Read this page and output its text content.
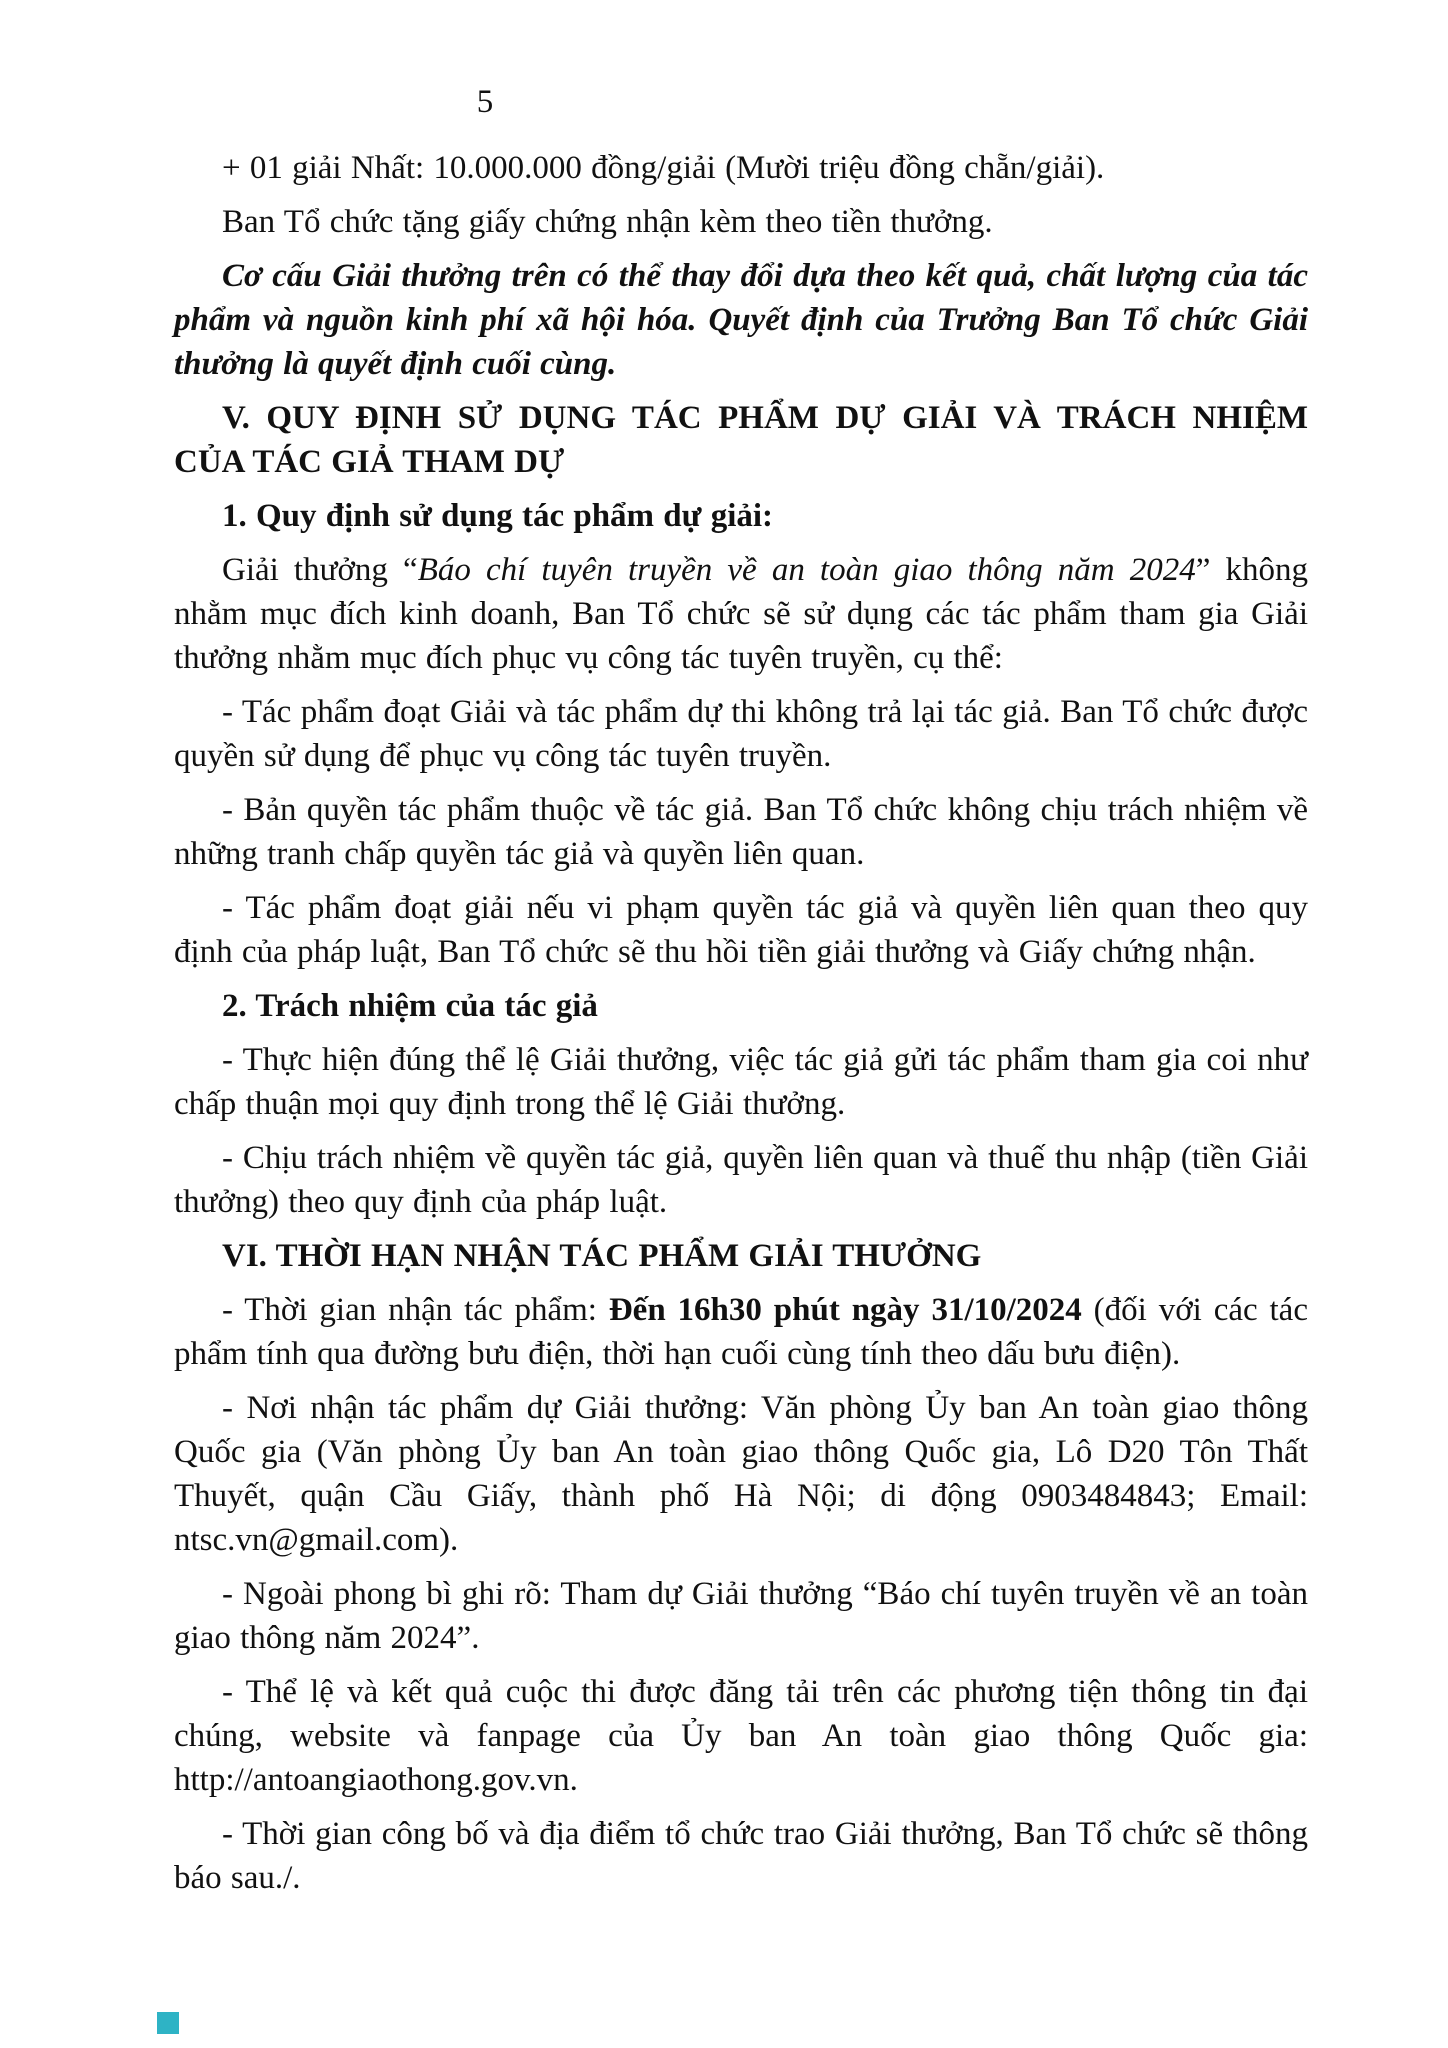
5

+ 01 giải Nhất: 10.000.000 đồng/giải (Mười triệu đồng chẵn/giải).

Ban Tổ chức tặng giấy chứng nhận kèm theo tiền thưởng.

Cơ cấu Giải thưởng trên có thể thay đổi dựa theo kết quả, chất lượng của tác phẩm và nguồn kinh phí xã hội hóa. Quyết định của Trưởng Ban Tổ chức Giải thưởng là quyết định cuối cùng.

V. QUY ĐỊNH SỬ DỤNG TÁC PHẨM DỰ GIẢI VÀ TRÁCH NHIỆM CỦA TÁC GIẢ THAM DỰ

1. Quy định sử dụng tác phẩm dự giải:

Giải thưởng “Báo chí tuyên truyền về an toàn giao thông năm 2024” không nhằm mục đích kinh doanh, Ban Tổ chức sẽ sử dụng các tác phẩm tham gia Giải thưởng nhằm mục đích phục vụ công tác tuyên truyền, cụ thể:

- Tác phẩm đoạt Giải và tác phẩm dự thi không trả lại tác giả. Ban Tổ chức được quyền sử dụng để phục vụ công tác tuyên truyền.

- Bản quyền tác phẩm thuộc về tác giả. Ban Tổ chức không chịu trách nhiệm về những tranh chấp quyền tác giả và quyền liên quan.

- Tác phẩm đoạt giải nếu vi phạm quyền tác giả và quyền liên quan theo quy định của pháp luật, Ban Tổ chức sẽ thu hồi tiền giải thưởng và Giấy chứng nhận.

2. Trách nhiệm của tác giả

- Thực hiện đúng thể lệ Giải thưởng, việc tác giả gửi tác phẩm tham gia coi như chấp thuận mọi quy định trong thể lệ Giải thưởng.

- Chịu trách nhiệm về quyền tác giả, quyền liên quan và thuế thu nhập (tiền Giải thưởng) theo quy định của pháp luật.

VI. THỜI HẠN NHẬN TÁC PHẨM GIẢI THƯỞNG

- Thời gian nhận tác phẩm: Đến 16h30 phút ngày 31/10/2024 (đối với các tác phẩm tính qua đường bưu điện, thời hạn cuối cùng tính theo dấu bưu điện).

- Nơi nhận tác phẩm dự Giải thưởng: Văn phòng Ủy ban An toàn giao thông Quốc gia (Văn phòng Ủy ban An toàn giao thông Quốc gia, Lô D20 Tôn Thất Thuyết, quận Cầu Giấy, thành phố Hà Nội; di động 0903484843; Email: ntsc.vn@gmail.com).

- Ngoài phong bì ghi rõ: Tham dự Giải thưởng “Báo chí tuyên truyền về an toàn giao thông năm 2024”.

- Thể lệ và kết quả cuộc thi được đăng tải trên các phương tiện thông tin đại chúng, website và fanpage của Ủy ban An toàn giao thông Quốc gia: http://antoangiaothong.gov.vn.

- Thời gian công bố và địa điểm tổ chức trao Giải thưởng, Ban Tổ chức sẽ thông báo sau./.
